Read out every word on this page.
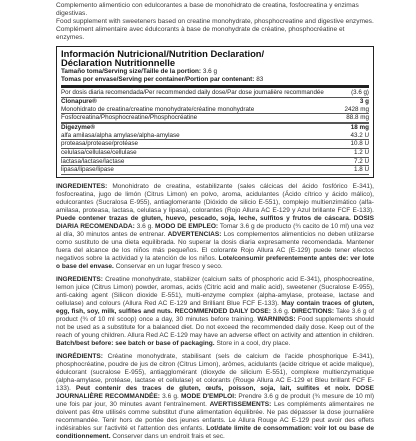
Complemento alimenticio con edulcorantes a base de monohidrato de creatina, fosfocreatina y enzimas digestivas.

Food supplement with sweeteners based on creatine monohydrate, phosphocreatine and digestive enzymes.

Complément alimentaire avec édulcorants à base de monohydrate de créatine, phosphocréatine et enzymes.

Información Nutricional/Nutrition Declaration/
Déclaration Nutritionnelle
Tamaño toma/Serving size/Taille de la portion: 3.6 g
Tomas por envase/Serving per container/Portion par contenant: 83
Por dosis diaria recomendada/Per recommended daily dose/Par dose journalière recommandée	(3.6 g)
Clonapure®	3 g
Monohidrato de creatina/creatine monohydrate/créatine monohydrate	2428 mg
Fosfocreatina/Phosphocreatine/Phosphocréatine	88.8 mg
Digezyme®	18 mg
alfa amilasa/alpha amylase/alpha-amylase	43.2 U
proteasa/protease/protéase	10.8 U
celulasa/cellulase/cellulase	1.2 U
lactasa/lactase/lactase	7.2 U
lipasa/lipase/lipase	1.8 U
INGREDIENTES: Monohidrato de creatina, estabilizante (sales cálcicas del ácido fosfórico E-341), fosfocreatina, jugo de limón (Citrus Limon) en polvo, aroma, acidulantes (Ácido cítrico y ácido málico), edulcorantes (Sucralosa E-955), antiaglomerante (Dióxido de silicio E-551), complejo multienzimático (alfa-amilasa, proteasa, lactasa, celulasa y lipasa), colorantes (Rojo Allura AC E-129 y Azul brillante FCF E-133). Puede contener trazas de gluten, huevo, pescado, soja, leche, sulfitos y frutos de cáscara. DOSIS DIARIA RECOMENDADA: 3.6 g. MODO DE EMPLEO: Tomar 3.6 g de producto (¾ cacito de 10 ml) una vez al día, 30 minutos antes de entrenar. ADVERTENCIAS: Los complementos alimenticios no deben utilizarse como sustituto de una dieta equilibrada. No superar la dosis diaria expresamente recomendada. Mantener fuera del alcance de los niños más pequeños. El colorante Rojo Allura AC (E-129) puede tener efectos negativos sobre la actividad y la atención de los niños. Lote/consumir preferentemente antes de: ver lote o base del envase. Conservar en un lugar fresco y seco.
INGREDIENTS: Creatine monohydrate, stabilizer (calcium salts of phosphoric acid E-341), phosphocreatine, lemon juice (Citrus Limon) powder, aromas, acids (Citric acid and malic acid), sweetener (Sucralose E-955), anti-caking agent (Silicon dioxide E-551), multi-enzyme complex (alpha-amylase, protease, lactase and cellulase) and colours (Allura Red AC E-129 and Brilliant Blue FCF E-133). May contain traces of gluten, egg, fish, soy, milk, sulfites and nuts. RECOMMENDED DAILY DOSE: 3.6 g. DIRECTIONS: Take 3.6 g of product (¾ of 10 ml scoop) once a day, 30 minutes before training. WARNINGS: Food supplements should not be used as a substitute for a balanced diet. Do not exceed the recommended daily dose. Keep out of the reach of young children. Allura Red AC E-129 may have an adverse effect on activity and attention in children. Batch/best before: see batch or base of packaging. Store in a cool, dry place.
INGRÉDIENTS: Créatine monohydrate, stabilisant (sels de calcium de l'acide phosphorique E-341), phosphocréatine, poudre de jus de citron (Citrus Limon), arômes, acidulants (acide citrique et acide malique), édulcorant (sucralose E-955), antiagglomérant (dioxyde de silicium E-551), complexe multienzymatique (alpha-amylase, protéase, lactase et cellulase) et colorants (Rouge Allura AC E-129 et Bleu brillant FCF E-133). Peut contenir des traces de gluten, œufs, poisson, soja, lait, sulfites et noix. DOSE JOURNALIÈRE RECOMMANDÉE: 3.6 g. MODE D'EMPLOI: Prendre 3.6 g de produit (¾ mesure de 10 ml) une fois par jour, 30 minutes avant l'entraînement. AVERTISSEMENTS: Les compléments alimentaires ne doivent pas être utilisés comme substitut d'une alimentation équilibrée. Ne pas dépasser la dose journalière recommandée. Tenir hors de portée des jeunes enfants. Le Allura Rouge AC E-129 peut avoir des effets indésirables sur l'activité et l'attention des enfants. Lot/date limite de consommation: voir lot ou base de conditionnement. Conserver dans un endroit frais et sec.
